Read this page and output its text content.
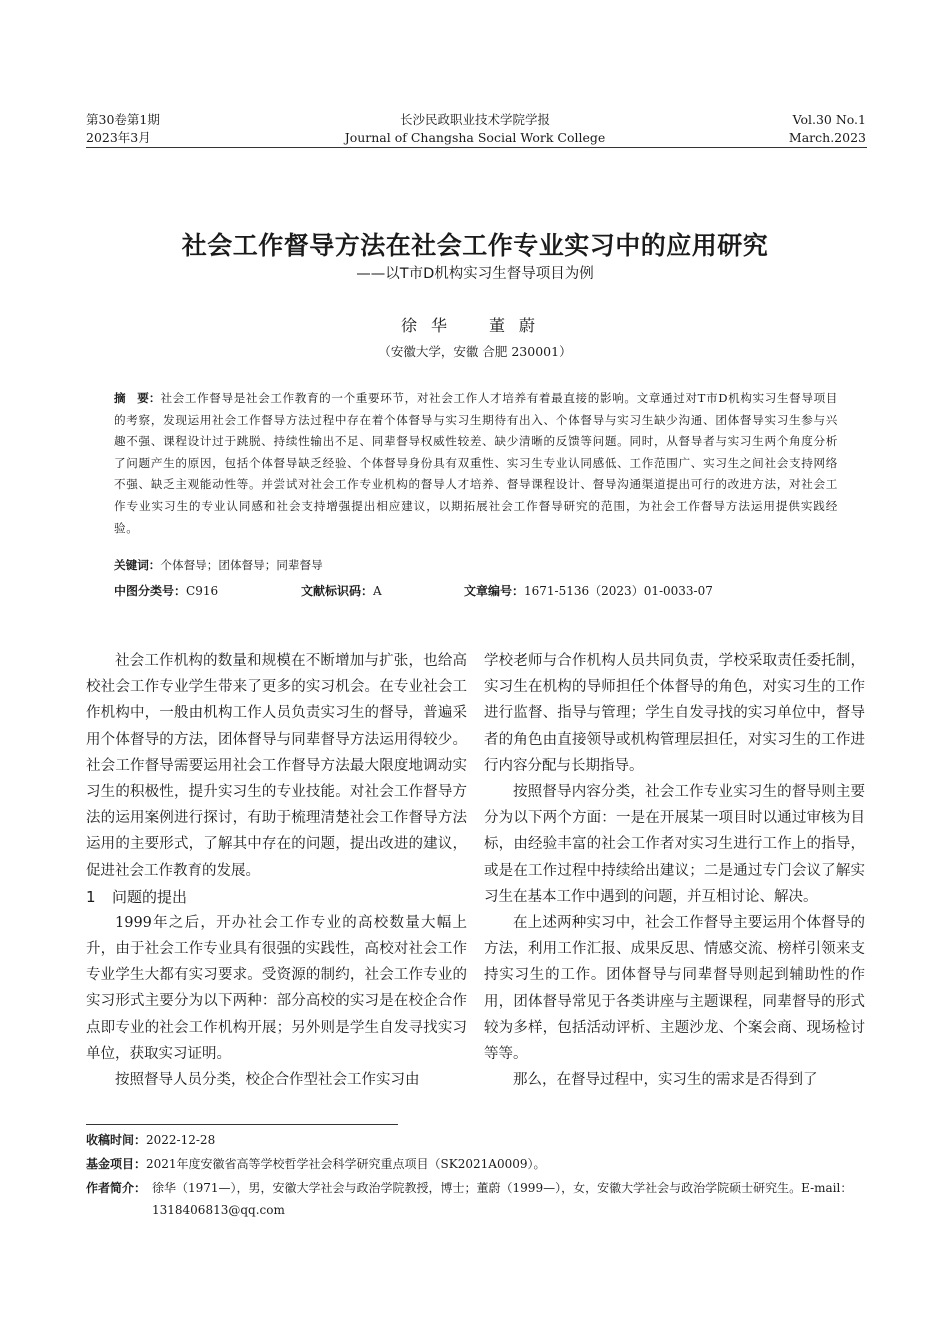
第30卷第1期
2023年3月
长沙民政职业技术学院学报
Journal of Changsha Social Work College
Vol.30 No.1
March.2023
社会工作督导方法在社会工作专业实习中的应用研究
——以T市D机构实习生督导项目为例
徐华 董蔚
（安徽大学，安徽 合肥 230001）
摘　要：社会工作督导是社会工作教育的一个重要环节，对社会工作人才培养有着最直接的影响。文章通过对T市D机构实习生督导项目的考察，发现运用社会工作督导方法过程中存在着个体督导与实习生期待有出入、个体督导与实习生缺少沟通、团体督导实习生参与兴趣不强、课程设计过于跳脱、持续性输出不足、同辈督导权威性较差、缺少清晰的反馈等问题。同时，从督导者与实习生两个角度分析了问题产生的原因，包括个体督导缺乏经验、个体督导身份具有双重性、实习生专业认同感低、工作范围广、实习生之间社会支持网络不强、缺乏主观能动性等。并尝试对社会工作专业机构的督导人才培养、督导课程设计、督导沟通渠道提出可行的改进方法，对社会工作专业实习生的专业认同感和社会支持增强提出相应建议，以期拓展社会工作督导研究的范围，为社会工作督导方法运用提供实践经验。
关键词：个体督导；团体督导；同辈督导
中图分类号：C916	文献标识码：A	文章编号：1671-5136（2023）01-0033-07

社会工作机构的数量和规模在不断增加与扩张，也给高校社会工作专业学生带来了更多的实习机会。在专业社会工作机构中，一般由机构工作人员负责实习生的督导，普遍采用个体督导的方法，团体督导与同辈督导方法运用得较少。社会工作督导需要运用社会工作督导方法最大限度地调动实习生的积极性，提升实习生的专业技能。对社会工作督导方法的运用案例进行探讨，有助于梳理清楚社会工作督导方法运用的主要形式，了解其中存在的问题，提出改进的建议，促进社会工作教育的发展。

1 问题的提出

1999年之后，开办社会工作专业的高校数量大幅上升，由于社会工作专业具有很强的实践性，高校对社会工作专业学生大都有实习要求。受资源的制约，社会工作专业的实习形式主要分为以下两种：部分高校的实习是在校企合作点即专业的社会工作机构开展；另外则是学生自发寻找实习单位，获取实习证明。

按照督导人员分类，校企合作型社会工作实习由

学校老师与合作机构人员共同负责，学校采取责任委托制，实习生在机构的导师担任个体督导的角色，对实习生的工作进行监督、指导与管理；学生自发寻找的实习单位中，督导者的角色由直接领导或机构管理层担任，对实习生的工作进行内容分配与长期指导。

按照督导内容分类，社会工作专业实习生的督导则主要分为以下两个方面：一是在开展某一项目时以通过审核为目标，由经验丰富的社会工作者对实习生进行工作上的指导，或是在工作过程中持续给出建议；二是通过专门会议了解实习生在基本工作中遇到的问题，并互相讨论、解决。

在上述两种实习中，社会工作督导主要运用个体督导的方法，利用工作汇报、成果反思、情感交流、榜样引领来支持实习生的工作。团体督导与同辈督导则起到辅助性的作用，团体督导常见于各类讲座与主题课程，同辈督导的形式较为多样，包括活动评析、主题沙龙、个案会商、现场检讨等等。

那么，在督导过程中，实习生的需求是否得到了

收稿时间：2022-12-28
基金项目：2021年度安徽省高等学校哲学社会科学研究重点项目（SK2021A0009）。
作者简介： 徐华（1971—），男，安徽大学社会与政治学院教授，博士；董蔚（1999—），女，安徽大学社会与政治学院硕士研究生。E-mail：1318406813@qq.com
